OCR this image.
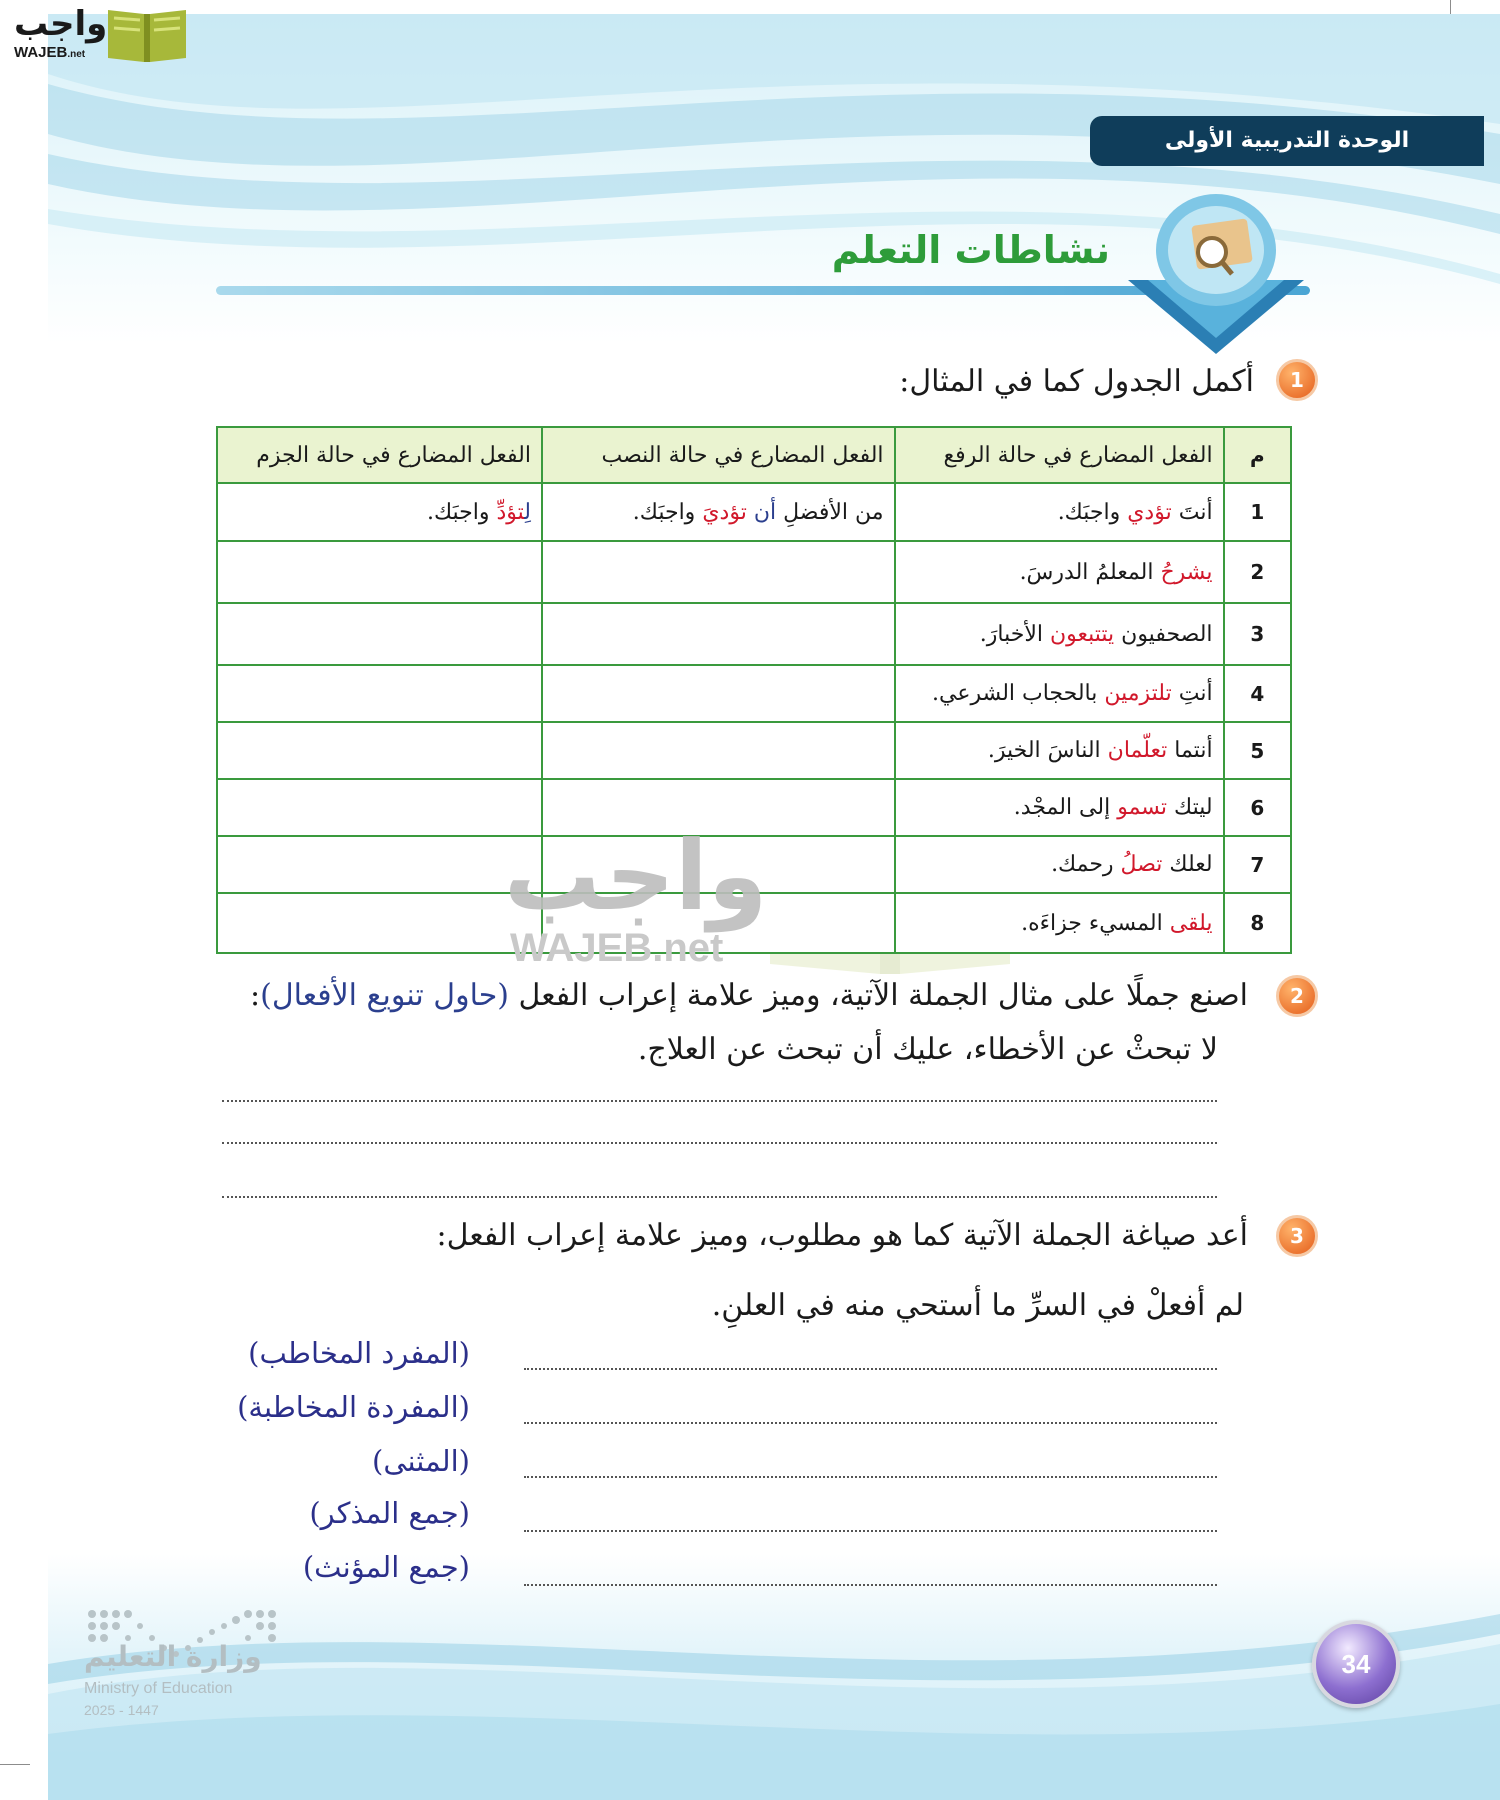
واجب
WAJEB.net
الوحدة التدريبية الأولى
نشاطات التعلم
1
أكمل الجدول كما في المثال:
م	الفعل المضارع في حالة الرفع	الفعل المضارع في حالة النصب	الفعل المضارع في حالة الجزم
1	أنتَ تؤدي واجبَك.	من الأفضلِ أن تؤديَ واجبَك.	لِتؤدِّ واجبَك.
2	يشرحُ المعلمُ الدرسَ.		
3	الصحفيون يتتبعون الأخبارَ.		
4	أنتِ تلتزمين بالحجاب الشرعي.		
5	أنتما تعلّمان الناسَ الخيرَ.		
6	ليتك تسمو إلى المجْد.		
7	لعلك تصلُ رحمك.		
8	يلقى المسيء جزاءَه.		
واجب
WAJEB.net
2
اصنع جملًا على مثال الجملة الآتية، وميز علامة إعراب الفعل (حاول تنويع الأفعال):
لا تبحثْ عن الأخطاء، عليك أن تبحث عن العلاج.
3
أعد صياغة الجملة الآتية كما هو مطلوب، وميز علامة إعراب الفعل:
لم أفعلْ في السرِّ ما أستحي منه في العلنِ.
(المفرد المخاطب)
(المفردة المخاطبة)
(المثنى)
(جمع المذكر)
(جمع المؤنث)
وزارة التعليم
Ministry of Education
2025 - 1447
34
